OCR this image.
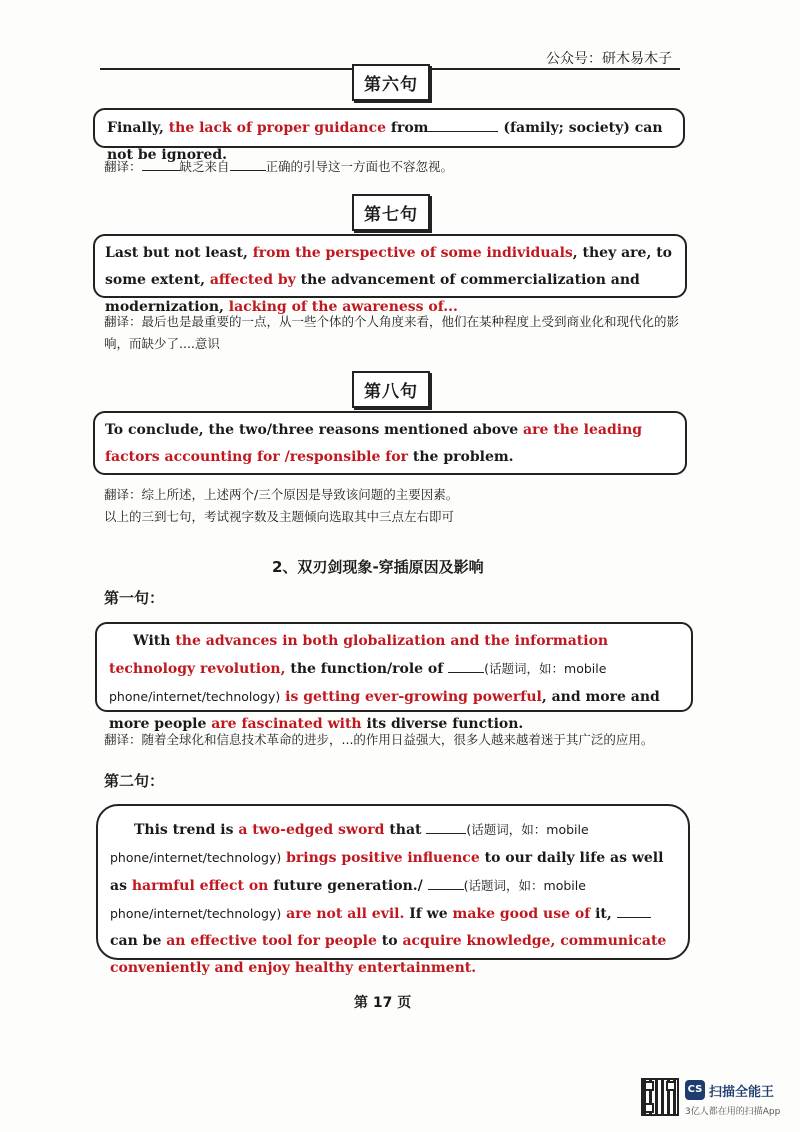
公众号：研木易木子
第六句
Finally, the lack of proper guidance from	(family; society) can not be ignored.
翻译：	缺乏来自	正确的引导这一方面也不容忽视。
第七句
Last but not least, from the perspective of some individuals, they are, to some extent, affected by the advancement of commercialization and modernization, lacking of the awareness of...
翻译：最后也是最重要的一点，从一些个体的个人角度来看，他们在某种程度上受到商业化和现代化的影响，而缺少了....意识
第八句
To conclude, the two/three reasons mentioned above are the leading factors accounting for /responsible for the problem.
翻译：综上所述，上述两个/三个原因是导致该问题的主要因素。
以上的三到七句，考试视字数及主题倾向选取其中三点左右即可
2、双刃剑现象-穿插原因及影响
第一句：
With the advances in both globalization and the information technology revolution, the function/role of	(话题词，如：mobile phone/internet/technology) is getting ever-growing powerful, and more and more people are fascinated with its diverse function.
翻译：随着全球化和信息技术革命的进步，...的作用日益强大，很多人越来越着迷于其广泛的应用。
第二句：
This trend is a two-edged sword that	(话题词，如：mobile phone/internet/technology) brings positive influence to our daily life as well as harmful effect on future generation./	(话题词，如：mobile phone/internet/technology) are not all evil. If we make good use of it, can be an effective tool for people to acquire knowledge, communicate conveniently and enjoy healthy entertainment.
第 17 页
CS 扫描全能王
3亿人都在用的扫描App
